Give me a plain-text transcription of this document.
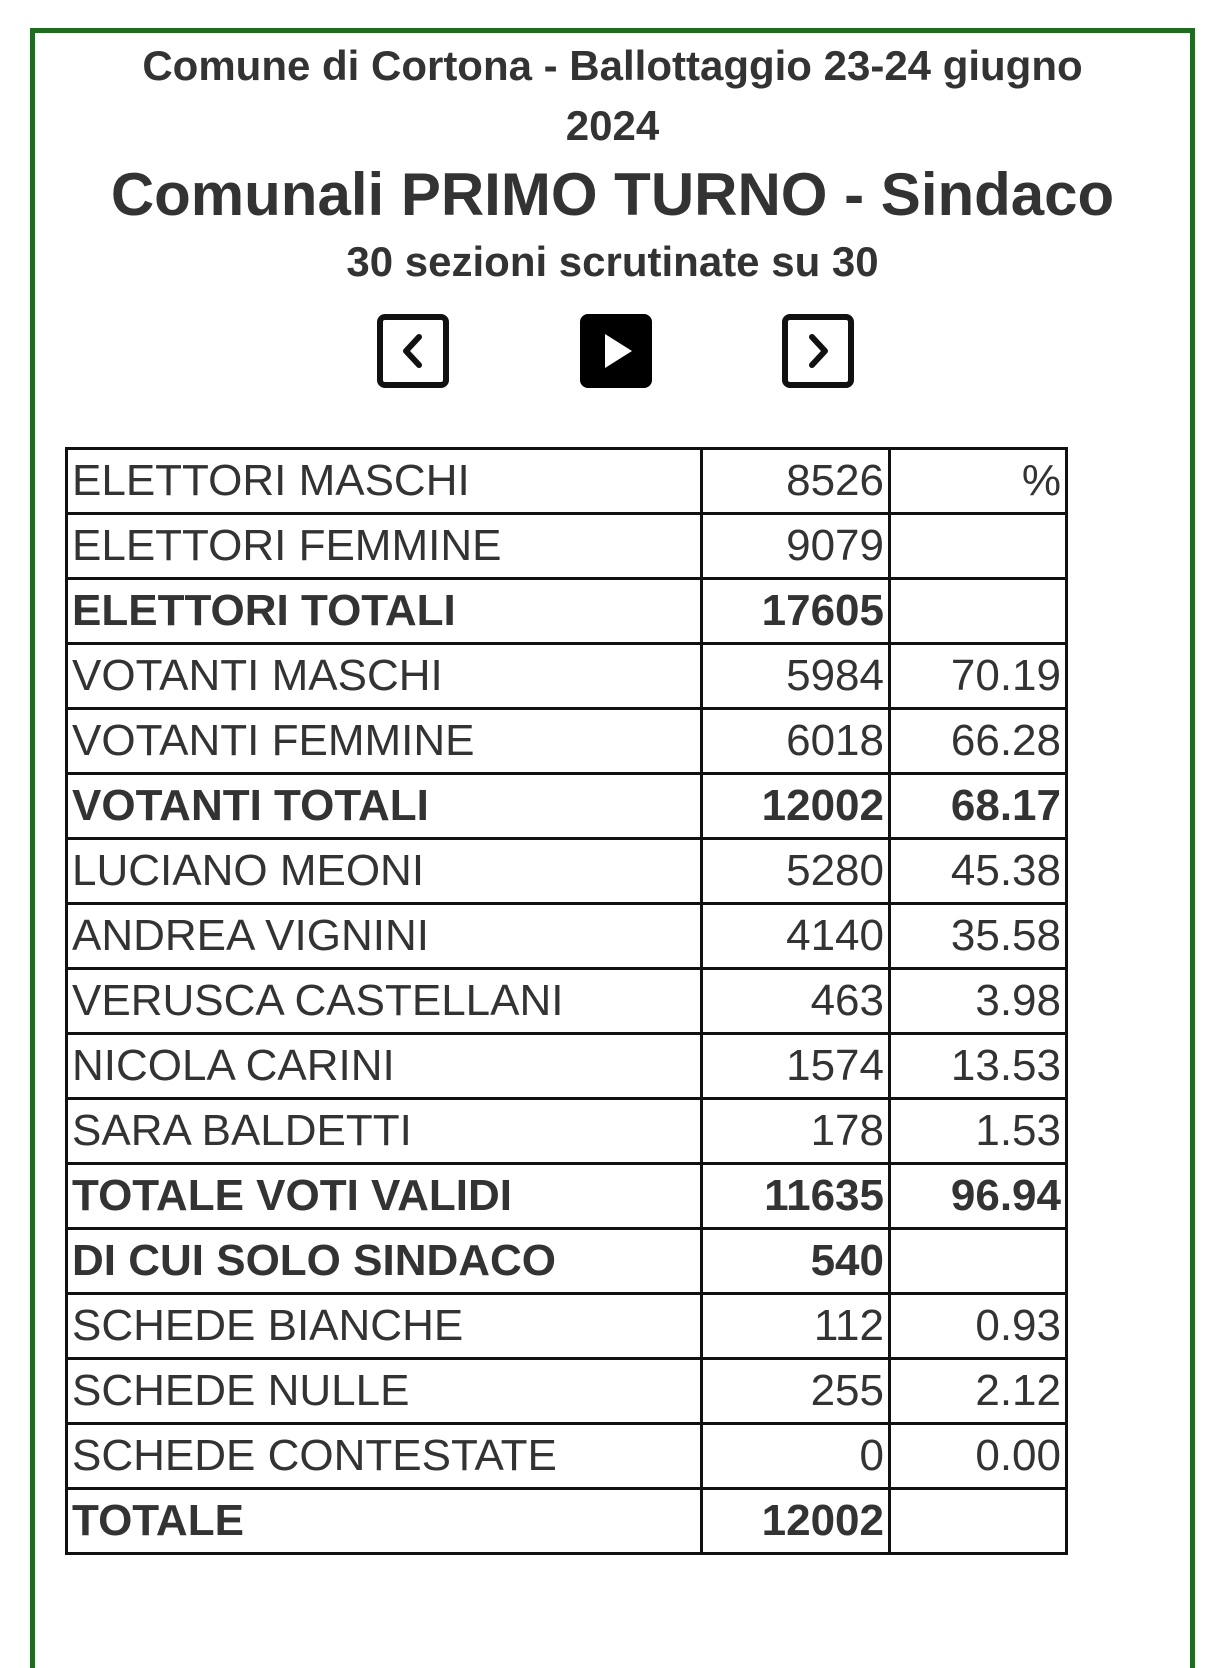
Comune di Cortona - Ballottaggio 23-24 giugno
2024
Comunali PRIMO TURNO - Sindaco
30 sezioni scrutinate su 30
ELETTORI MASCHI	8526	%
ELETTORI FEMMINE	9079	
ELETTORI TOTALI	17605	
VOTANTI MASCHI	5984	70.19
VOTANTI FEMMINE	6018	66.28
VOTANTI TOTALI	12002	68.17
LUCIANO MEONI	5280	45.38
ANDREA VIGNINI	4140	35.58
VERUSCA CASTELLANI	463	3.98
NICOLA CARINI	1574	13.53
SARA BALDETTI	178	1.53
TOTALE VOTI VALIDI	11635	96.94
DI CUI SOLO SINDACO	540	
SCHEDE BIANCHE	112	0.93
SCHEDE NULLE	255	2.12
SCHEDE CONTESTATE	0	0.00
TOTALE	12002	
